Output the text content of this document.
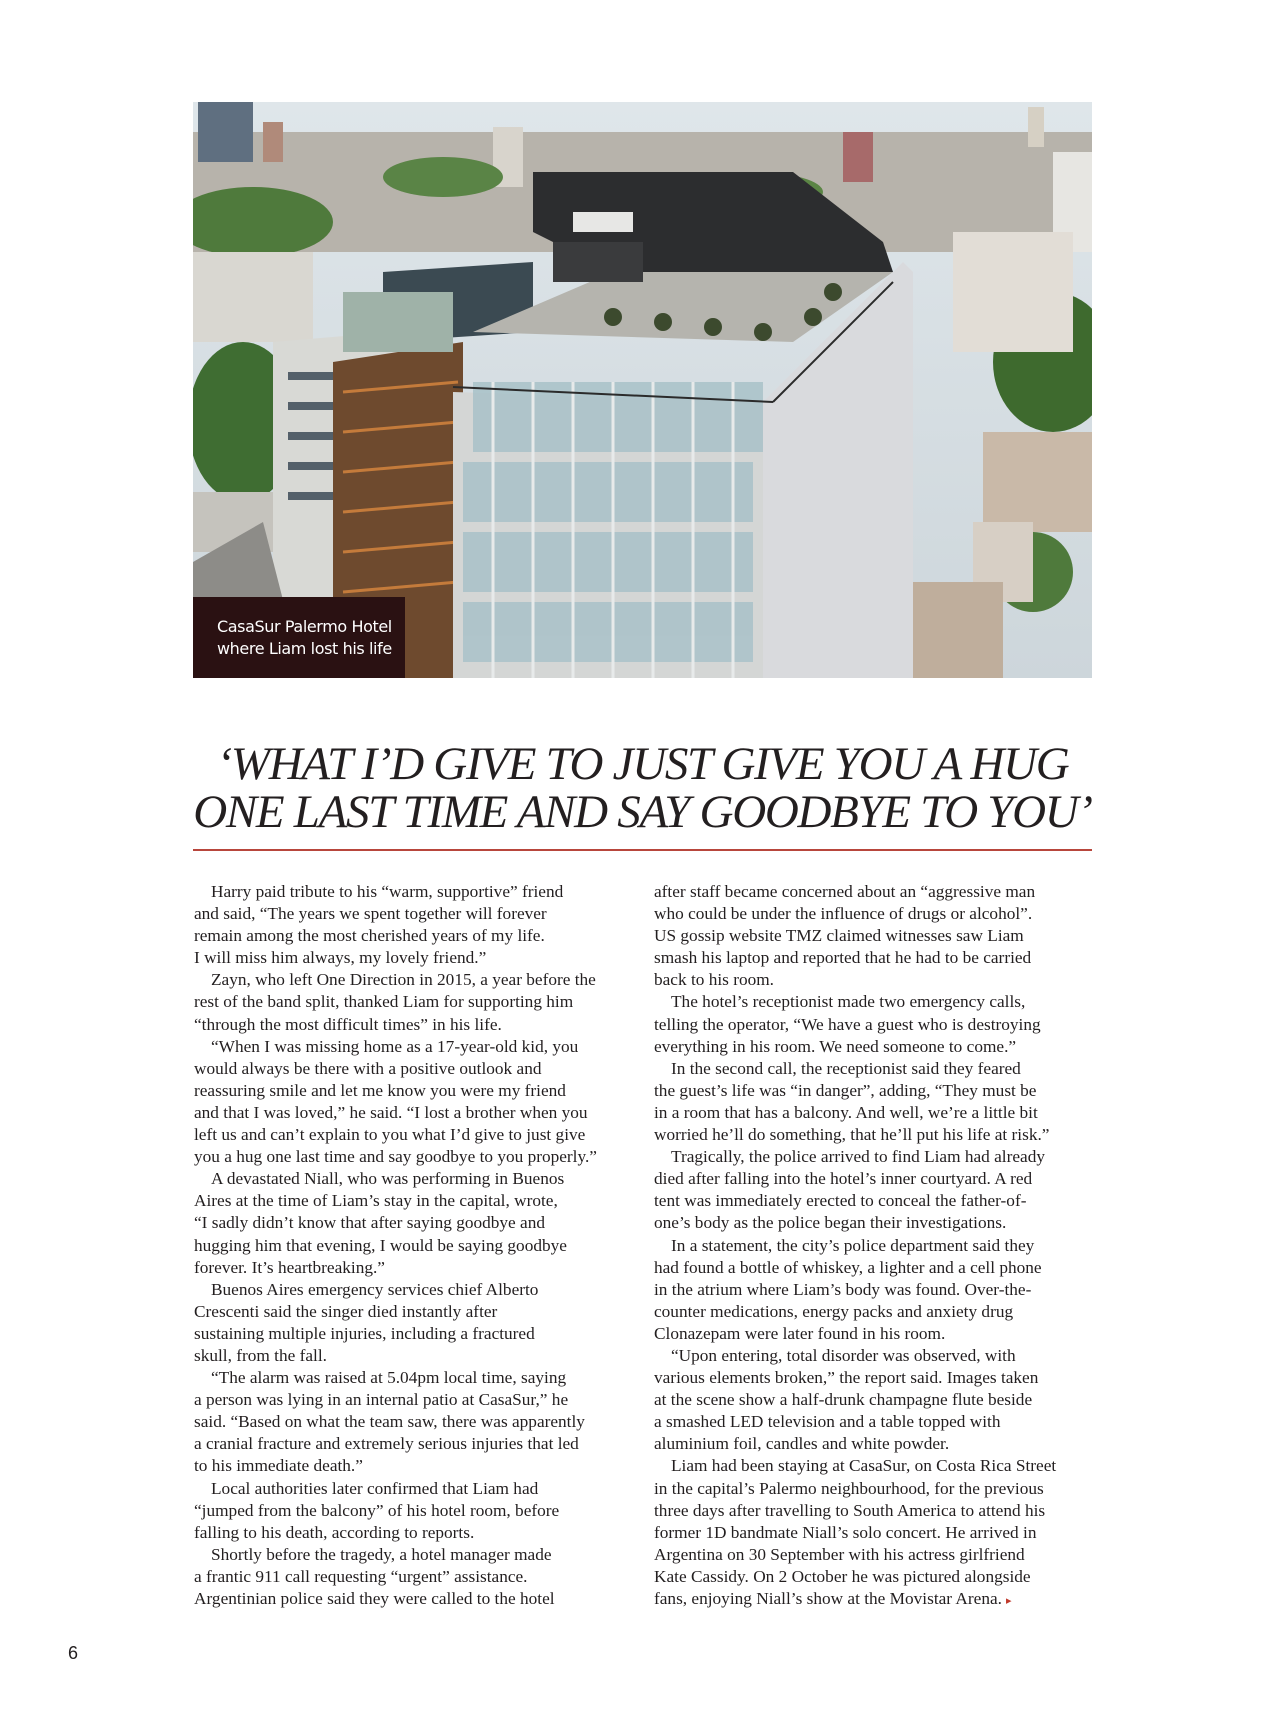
CasaSur Palermo Hotel
where Liam lost his life
‘WHAT I’D GIVE TO JUST GIVE YOU A HUG
ONE LAST TIME AND SAY GOODBYE TO YOU’
Harry paid tribute to his “warm, supportive” friend
and said, “The years we spent together will forever
remain among the most cherished years of my life.
I will miss him always, my lovely friend.”
Zayn, who left One Direction in 2015, a year before the
rest of the band split, thanked Liam for supporting him
“through the most difficult times” in his life.
“When I was missing home as a 17-year-old kid, you
would always be there with a positive outlook and
reassuring smile and let me know you were my friend
and that I was loved,” he said. “I lost a brother when you
left us and can’t explain to you what I’d give to just give
you a hug one last time and say goodbye to you properly.”
A devastated Niall, who was performing in Buenos
Aires at the time of Liam’s stay in the capital, wrote,
“I sadly didn’t know that after saying goodbye and
hugging him that evening, I would be saying goodbye
forever. It’s heartbreaking.”
Buenos Aires emergency services chief Alberto
Crescenti said the singer died instantly after
sustaining multiple injuries, including a fractured
skull, from the fall.
“The alarm was raised at 5.04pm local time, saying
a person was lying in an internal patio at CasaSur,” he
said. “Based on what the team saw, there was apparently
a cranial fracture and extremely serious injuries that led
to his immediate death.”
Local authorities later confirmed that Liam had
“jumped from the balcony” of his hotel room, before
falling to his death, according to reports.
Shortly before the tragedy, a hotel manager made
a frantic 911 call requesting “urgent” assistance.
Argentinian police said they were called to the hotel
after staff became concerned about an “aggressive man
who could be under the influence of drugs or alcohol”.
US gossip website TMZ claimed witnesses saw Liam
smash his laptop and reported that he had to be carried
back to his room.
The hotel’s receptionist made two emergency calls,
telling the operator, “We have a guest who is destroying
everything in his room. We need someone to come.”
In the second call, the receptionist said they feared
the guest’s life was “in danger”, adding, “They must be
in a room that has a balcony. And well, we’re a little bit
worried he’ll do something, that he’ll put his life at risk.”
Tragically, the police arrived to find Liam had already
died after falling into the hotel’s inner courtyard. A red
tent was immediately erected to conceal the father-of-
one’s body as the police began their investigations.
In a statement, the city’s police department said they
had found a bottle of whiskey, a lighter and a cell phone
in the atrium where Liam’s body was found. Over-the-
counter medications, energy packs and anxiety drug
Clonazepam were later found in his room.
“Upon entering, total disorder was observed, with
various elements broken,” the report said. Images taken
at the scene show a half-drunk champagne flute beside
a smashed LED television and a table topped with
aluminium foil, candles and white powder.
Liam had been staying at CasaSur, on Costa Rica Street
in the capital’s Palermo neighbourhood, for the previous
three days after travelling to South America to attend his
former 1D bandmate Niall’s solo concert. He arrived in
Argentina on 30 September with his actress girlfriend
Kate Cassidy. On 2 October he was pictured alongside
fans, enjoying Niall’s show at the Movistar Arena. ▸
6
